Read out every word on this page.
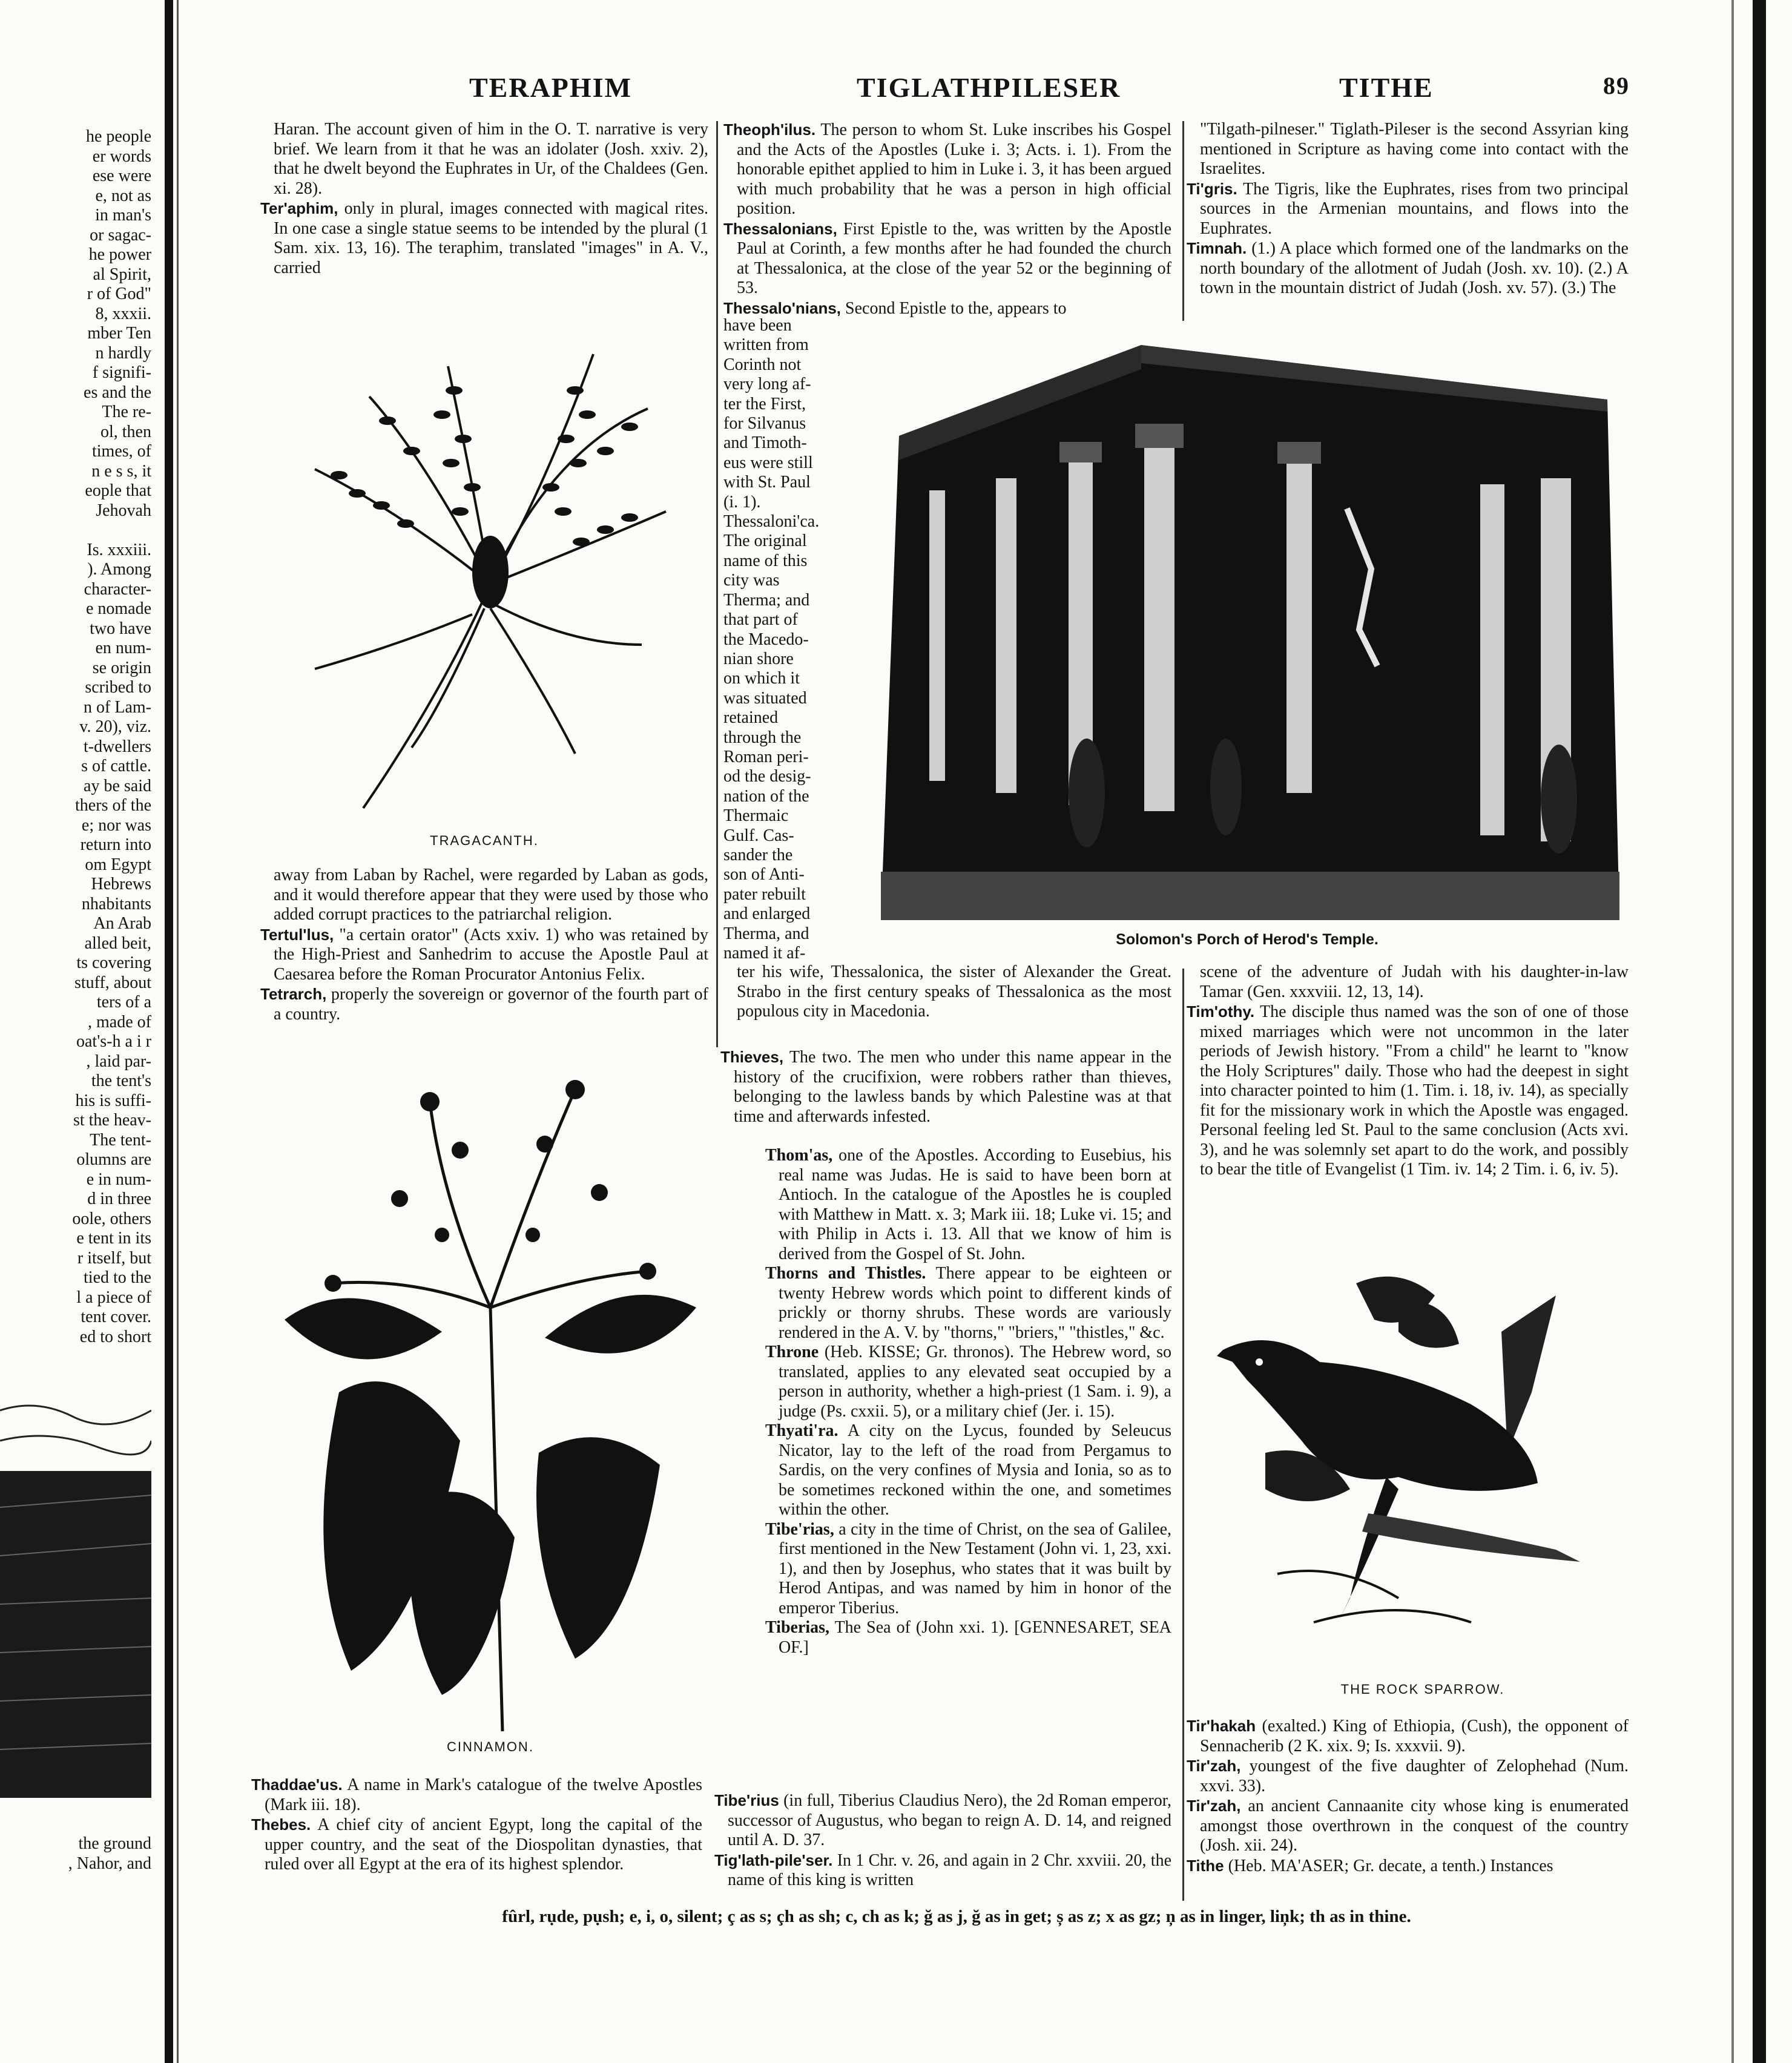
he people
er words
ese were
e, not as
in man's
or sagac-
he power
al Spirit,
r of God"
8, xxxii.
mber Ten
n hardly
f signifi-
es and the
The re-
ol, then
times, of
n e s s, it
eople that
Jehovah

Is. xxxiii.
). Among
character-
e nomade
two have
en num-
se origin
scribed to
n of Lam-
v. 20), viz.
t-dwellers
s of cattle.
ay be said
thers of the
e; nor was
return into
om Egypt
Hebrews
nhabitants
An Arab
alled beit,
ts covering
stuff, about
ters of a
, made of
oat's-h a i r
, laid par-
the tent's
his is suffi-
st the heav-
The tent-
olumns are
e in num-
d in three
oole, others
e tent in its
r itself, but
tied to the
l a piece of
tent cover.
ed to short
the ground
, Nahor, and
TERAPHIM	TIGLATHPILESER	TITHE	89

Haran. The account given of him in the O. T. narrative is very brief. We learn from it that he was an idolater (Josh. xxiv. 2), that he dwelt beyond the Euphrates in Ur, of the Chaldees (Gen. xi. 28).

Ter'aphim, only in plural, images connected with magical rites. In one case a single statue seems to be intended by the plural (1 Sam. xix. 13, 16). The teraphim, translated "images" in A. V., carried

TRAGACANTH.

away from Laban by Rachel, were regarded by Laban as gods, and it would therefore appear that they were used by those who added corrupt practices to the patriarchal religion.

Tertul'lus, "a certain orator" (Acts xxiv. 1) who was retained by the High-Priest and Sanhedrim to accuse the Apostle Paul at Caesarea before the Roman Procurator Antonius Felix.

Tetrarch, properly the sovereign or governor of the fourth part of a country.

CINNAMON.

Thaddae'us. A name in Mark's catalogue of the twelve Apostles (Mark iii. 18).

Thebes. A chief city of ancient Egypt, long the capital of the upper country, and the seat of the Diospolitan dynasties, that ruled over all Egypt at the era of its highest splendor.

Theoph'ilus. The person to whom St. Luke inscribes his Gospel and the Acts of the Apostles (Luke i. 3; Acts. i. 1). From the honorable epithet applied to him in Luke i. 3, it has been argued with much probability that he was a person in high official position.

Thessalonians, First Epistle to the, was written by the Apostle Paul at Corinth, a few months after he had founded the church at Thessalonica, at the close of the year 52 or the beginning of 53.

Thessalo'nians, Second Epistle to the, appears to

have been
written from
Corinth not
very long af-
ter the First,
for Silvanus
and Timoth-
eus were still
with St. Paul
(i. 1).
Thessaloni'ca.
The original
name of this
city was
Therma; and
that part of
the Macedo-
nian shore
on which it
was situated
retained
through the
Roman peri-
od the desig-
nation of the
Thermaic
Gulf. Cas-
sander the
son of Anti-
pater rebuilt
and enlarged
Therma, and
named it af-
Solomon's Porch of Herod's Temple.

ter his wife, Thessalonica, the sister of Alexander the Great. Strabo in the first century speaks of Thessalonica as the most populous city in Macedonia.

Thieves, The two. The men who under this name appear in the history of the crucifixion, were robbers rather than thieves, belonging to the lawless bands by which Palestine was at that time and afterwards infested.

Thom'as, one of the Apostles. According to Eusebius, his real name was Judas. He is said to have been born at Antioch. In the catalogue of the Apostles he is coupled with Matthew in Matt. x. 3; Mark iii. 18; Luke vi. 15; and with Philip in Acts i. 13. All that we know of him is derived from the Gospel of St. John.

Thorns and Thistles. There appear to be eighteen or twenty Hebrew words which point to different kinds of prickly or thorny shrubs. These words are variously rendered in the A. V. by "thorns," "briers," "thistles," &c.

Throne (Heb. KISSE; Gr. thronos). The Hebrew word, so translated, applies to any elevated seat occupied by a person in authority, whether a high-priest (1 Sam. i. 9), a judge (Ps. cxxii. 5), or a military chief (Jer. i. 15).

Thyati'ra. A city on the Lycus, founded by Seleucus Nicator, lay to the left of the road from Pergamus to Sardis, on the very confines of Mysia and Ionia, so as to be sometimes reckoned within the one, and sometimes within the other.

Tibe'rias, a city in the time of Christ, on the sea of Galilee, first mentioned in the New Testament (John vi. 1, 23, xxi. 1), and then by Josephus, who states that it was built by Herod Antipas, and was named by him in honor of the emperor Tiberius.

Tiberias, The Sea of (John xxi. 1). [GENNESARET, SEA OF.]

Tibe'rius (in full, Tiberius Claudius Nero), the 2d Roman emperor, successor of Augustus, who began to reign A. D. 14, and reigned until A. D. 37.

Tig'lath-pile'ser. In 1 Chr. v. 26, and again in 2 Chr. xxviii. 20, the name of this king is written

"Tilgath-pilneser." Tiglath-Pileser is the second Assyrian king mentioned in Scripture as having come into contact with the Israelites.

Ti'gris. The Tigris, like the Euphrates, rises from two principal sources in the Armenian mountains, and flows into the Euphrates.

Timnah. (1.) A place which formed one of the landmarks on the north boundary of the allotment of Judah (Josh. xv. 10). (2.) A town in the mountain district of Judah (Josh. xv. 57). (3.) The

scene of the adventure of Judah with his daughter-in-law Tamar (Gen. xxxviii. 12, 13, 14).

Tim'othy. The disciple thus named was the son of one of those mixed marriages which were not uncommon in the later periods of Jewish history. "From a child" he learnt to "know the Holy Scriptures" daily. Those who had the deepest in sight into character pointed to him (1. Tim. i. 18, iv. 14), as specially fit for the missionary work in which the Apostle was engaged. Personal feeling led St. Paul to the same conclusion (Acts xvi. 3), and he was solemnly set apart to do the work, and possibly to bear the title of Evangelist (1 Tim. iv. 14; 2 Tim. i. 6, iv. 5).

THE ROCK SPARROW.

Tir'hakah (exalted.) King of Ethiopia, (Cush), the opponent of Sennacherib (2 K. xix. 9; Is. xxxvii. 9).

Tir'zah, youngest of the five daughter of Zelophehad (Num. xxvi. 33).

Tir'zah, an ancient Cannaanite city whose king is enumerated amongst those overthrown in the conquest of the country (Josh. xii. 24).

Tithe (Heb. MA'ASER; Gr. decate, a tenth.) Instances

fûrl, rụde, pụsh; e, i, o, silent; ç as s; çh as sh; c, ch as k; ğ as j, ğ as in get; ș as z; x as gz; ņ as in linger, liņk; th as in thine.
